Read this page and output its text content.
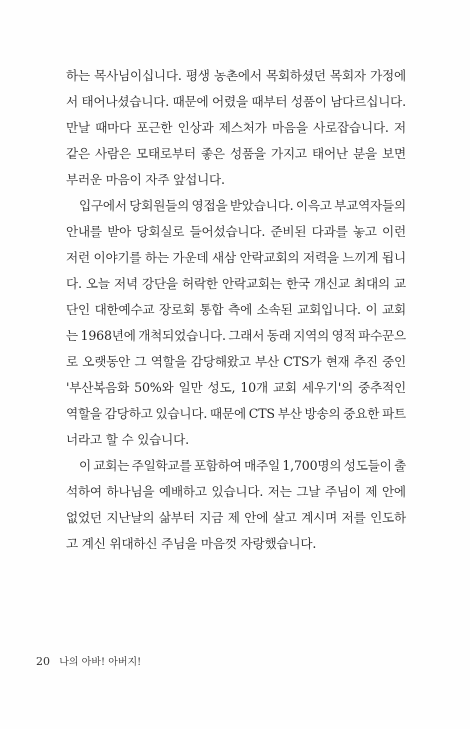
하는 목사님이십니다. 평생 농촌에서 목회하셨던 목회자 가정에
서 태어나셨습니다. 때문에 어렸을 때부터 성품이 남다르십니다.
만날 때마다 포근한 인상과 제스처가 마음을 사로잡습니다. 저
같은 사람은 모태로부터 좋은 성품을 가지고 태어난 분을 보면
부러운 마음이 자주 앞섭니다.
입구에서 당회원들의 영접을 받았습니다. 이윽고 부교역자들의
안내를 받아 당회실로 들어섰습니다. 준비된 다과를 놓고 이런
저런 이야기를 하는 가운데 새삼 안락교회의 저력을 느끼게 됩니
다. 오늘 저녁 강단을 허락한 안락교회는 한국 개신교 최대의 교
단인 대한예수교 장로회 통합 측에 소속된 교회입니다. 이 교회
는 1968년에 개척되었습니다. 그래서 동래 지역의 영적 파수꾼으
로 오랫동안 그 역할을 감당해왔고 부산 CTS가 현재 추진 중인
'부산복음화 50%와 일만 성도, 10개 교회 세우기'의 중추적인
역할을 감당하고 있습니다. 때문에 CTS 부산 방송의 중요한 파트
너라고 할 수 있습니다.
이 교회는 주일학교를 포함하여 매주일 1,700명의 성도들이 출
석하여 하나님을 예배하고 있습니다. 저는 그날 주님이 제 안에
없었던 지난날의 삶부터 지금 제 안에 살고 계시며 저를 인도하
고 계신 위대하신 주님을 마음껏 자랑했습니다.
20 나의 아바! 아버지!
